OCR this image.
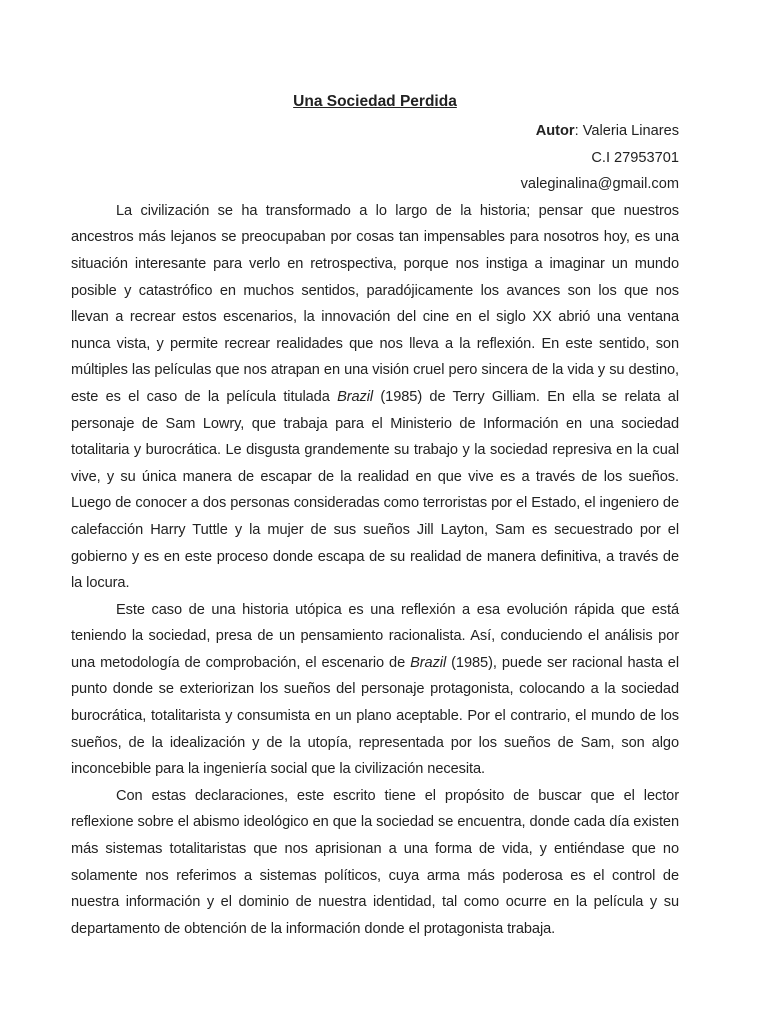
Una Sociedad Perdida

Autor: Valeria Linares

C.I 27953701

valeginalina@gmail.com

La civilización se ha transformado a lo largo de la historia; pensar que nuestros ancestros más lejanos se preocupaban por cosas tan impensables para nosotros hoy, es una situación interesante para verlo en retrospectiva, porque nos instiga a imaginar un mundo posible y catastrófico en muchos sentidos, paradójicamente los avances son los que nos llevan a recrear estos escenarios, la innovación del cine en el siglo XX abrió una ventana nunca vista, y permite recrear realidades que nos lleva a la reflexión. En este sentido, son múltiples las películas que nos atrapan en una visión cruel pero sincera de la vida y su destino, este es el caso de la película titulada Brazil (1985) de Terry Gilliam. En ella se relata al personaje de Sam Lowry, que trabaja para el Ministerio de Información en una sociedad totalitaria y burocrática. Le disgusta grandemente su trabajo y la sociedad represiva en la cual vive, y su única manera de escapar de la realidad en que vive es a través de los sueños. Luego de conocer a dos personas consideradas como terroristas por el Estado, el ingeniero de calefacción Harry Tuttle y la mujer de sus sueños Jill Layton, Sam es secuestrado por el gobierno y es en este proceso donde escapa de su realidad de manera definitiva, a través de la locura.

Este caso de una historia utópica es una reflexión a esa evolución rápida que está teniendo la sociedad, presa de un pensamiento racionalista. Así, conduciendo el análisis por una metodología de comprobación, el escenario de Brazil (1985), puede ser racional hasta el punto donde se exteriorizan los sueños del personaje protagonista, colocando a la sociedad burocrática, totalitarista y consumista en un plano aceptable. Por el contrario, el mundo de los sueños, de la idealización y de la utopía, representada por los sueños de Sam, son algo inconcebible para la ingeniería social que la civilización necesita.

Con estas declaraciones, este escrito tiene el propósito de buscar que el lector reflexione sobre el abismo ideológico en que la sociedad se encuentra, donde cada día existen más sistemas totalitaristas que nos aprisionan a una forma de vida, y entiéndase que no solamente nos referimos a sistemas políticos, cuya arma más poderosa es el control de nuestra información y el dominio de nuestra identidad, tal como ocurre en la película y su departamento de obtención de la información donde el protagonista trabaja.
